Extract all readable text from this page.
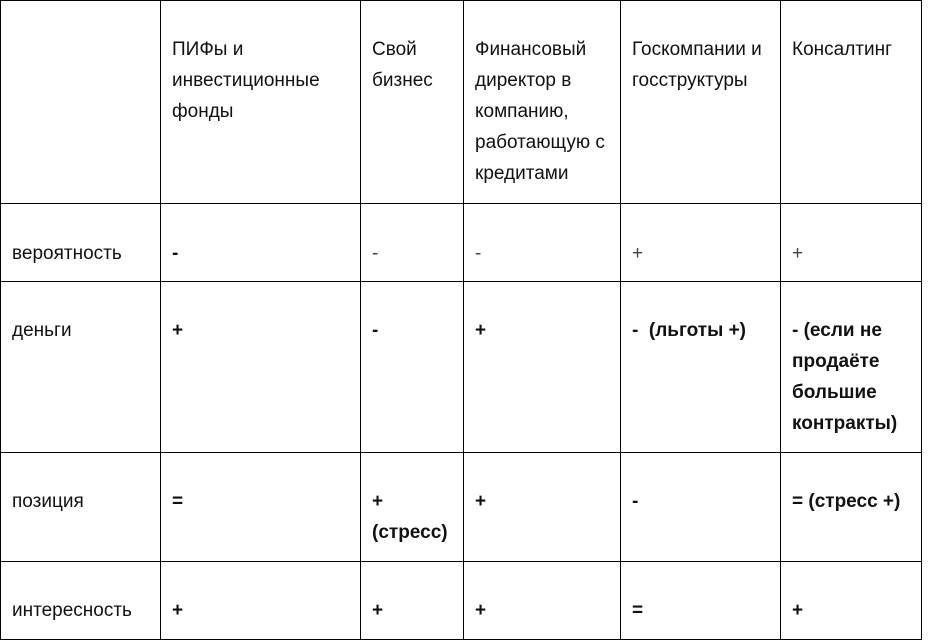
	ПИФы и инвестиционные фонды	Свой бизнес	Финансовый директор в компанию, работающую с кредитами	Госкомпании и госструктуры	Консалтинг
вероятность	-	-	-	+	+
деньги	+	-	+	-  (льготы +)	- (если не продаёте большие контракты)
позиция	=	+ (стресс)	+	-	= (стресс +)
интересность	+	+	+	=	+
